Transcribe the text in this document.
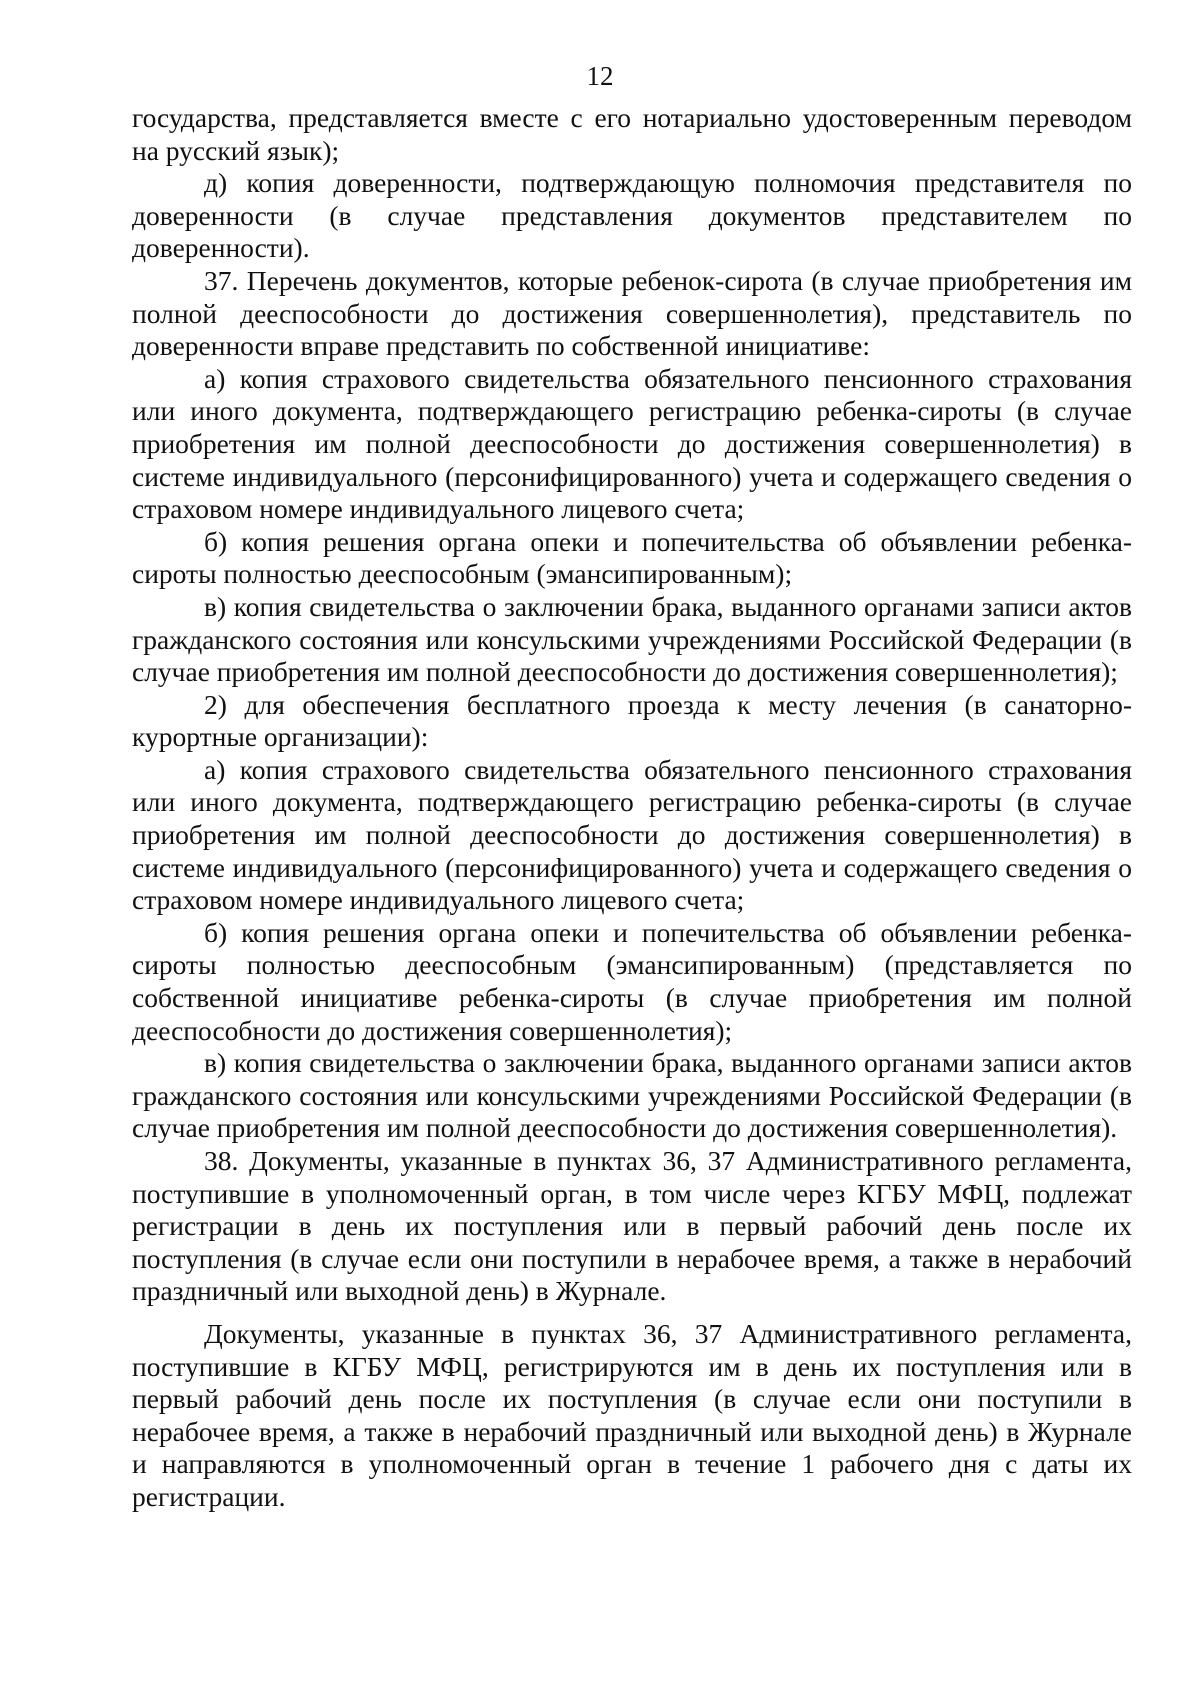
12

государства, представляется вместе с его нотариально удостоверенным переводом на русский язык);

д) копия доверенности, подтверждающую полномочия представителя по доверенности (в случае представления документов представителем по доверенности).

37. Перечень документов, которые ребенок-сирота (в случае приобретения им полной дееспособности до достижения совершеннолетия), представитель по доверенности вправе представить по собственной инициативе:

а) копия страхового свидетельства обязательного пенсионного страхования или иного документа, подтверждающего регистрацию ребенка-сироты (в случае приобретения им полной дееспособности до достижения совершеннолетия) в системе индивидуального (персонифицированного) учета и содержащего сведения о страховом номере индивидуального лицевого счета;

б) копия решения органа опеки и попечительства об объявлении ребенка-сироты полностью дееспособным (эмансипированным);

в) копия свидетельства о заключении брака, выданного органами записи актов гражданского состояния или консульскими учреждениями Российской Федерации (в случае приобретения им полной дееспособности до достижения совершеннолетия);

2) для обеспечения бесплатного проезда к месту лечения (в санаторно-курортные организации):

а) копия страхового свидетельства обязательного пенсионного страхования или иного документа, подтверждающего регистрацию ребенка-сироты (в случае приобретения им полной дееспособности до достижения совершеннолетия) в системе индивидуального (персонифицированного) учета и содержащего сведения о страховом номере индивидуального лицевого счета;

б) копия решения органа опеки и попечительства об объявлении ребенка-сироты полностью дееспособным (эмансипированным) (представляется по собственной инициативе ребенка-сироты (в случае приобретения им полной дееспособности до достижения совершеннолетия);

в) копия свидетельства о заключении брака, выданного органами записи актов гражданского состояния или консульскими учреждениями Российской Федерации (в случае приобретения им полной дееспособности до достижения совершеннолетия).

38. Документы, указанные в пунктах 36, 37 Административного регламента, поступившие в уполномоченный орган, в том числе через КГБУ МФЦ, подлежат регистрации в день их поступления или в первый рабочий день после их поступления (в случае если они поступили в нерабочее время, а также в нерабочий праздничный или выходной день) в Журнале.

Документы, указанные в пунктах 36, 37 Административного регламента, поступившие в КГБУ МФЦ, регистрируются им в день их поступления или в первый рабочий день после их поступления (в случае если они поступили в нерабочее время, а также в нерабочий праздничный или выходной день) в Журнале и направляются в уполномоченный орган в течение 1 рабочего дня с даты их регистрации.
